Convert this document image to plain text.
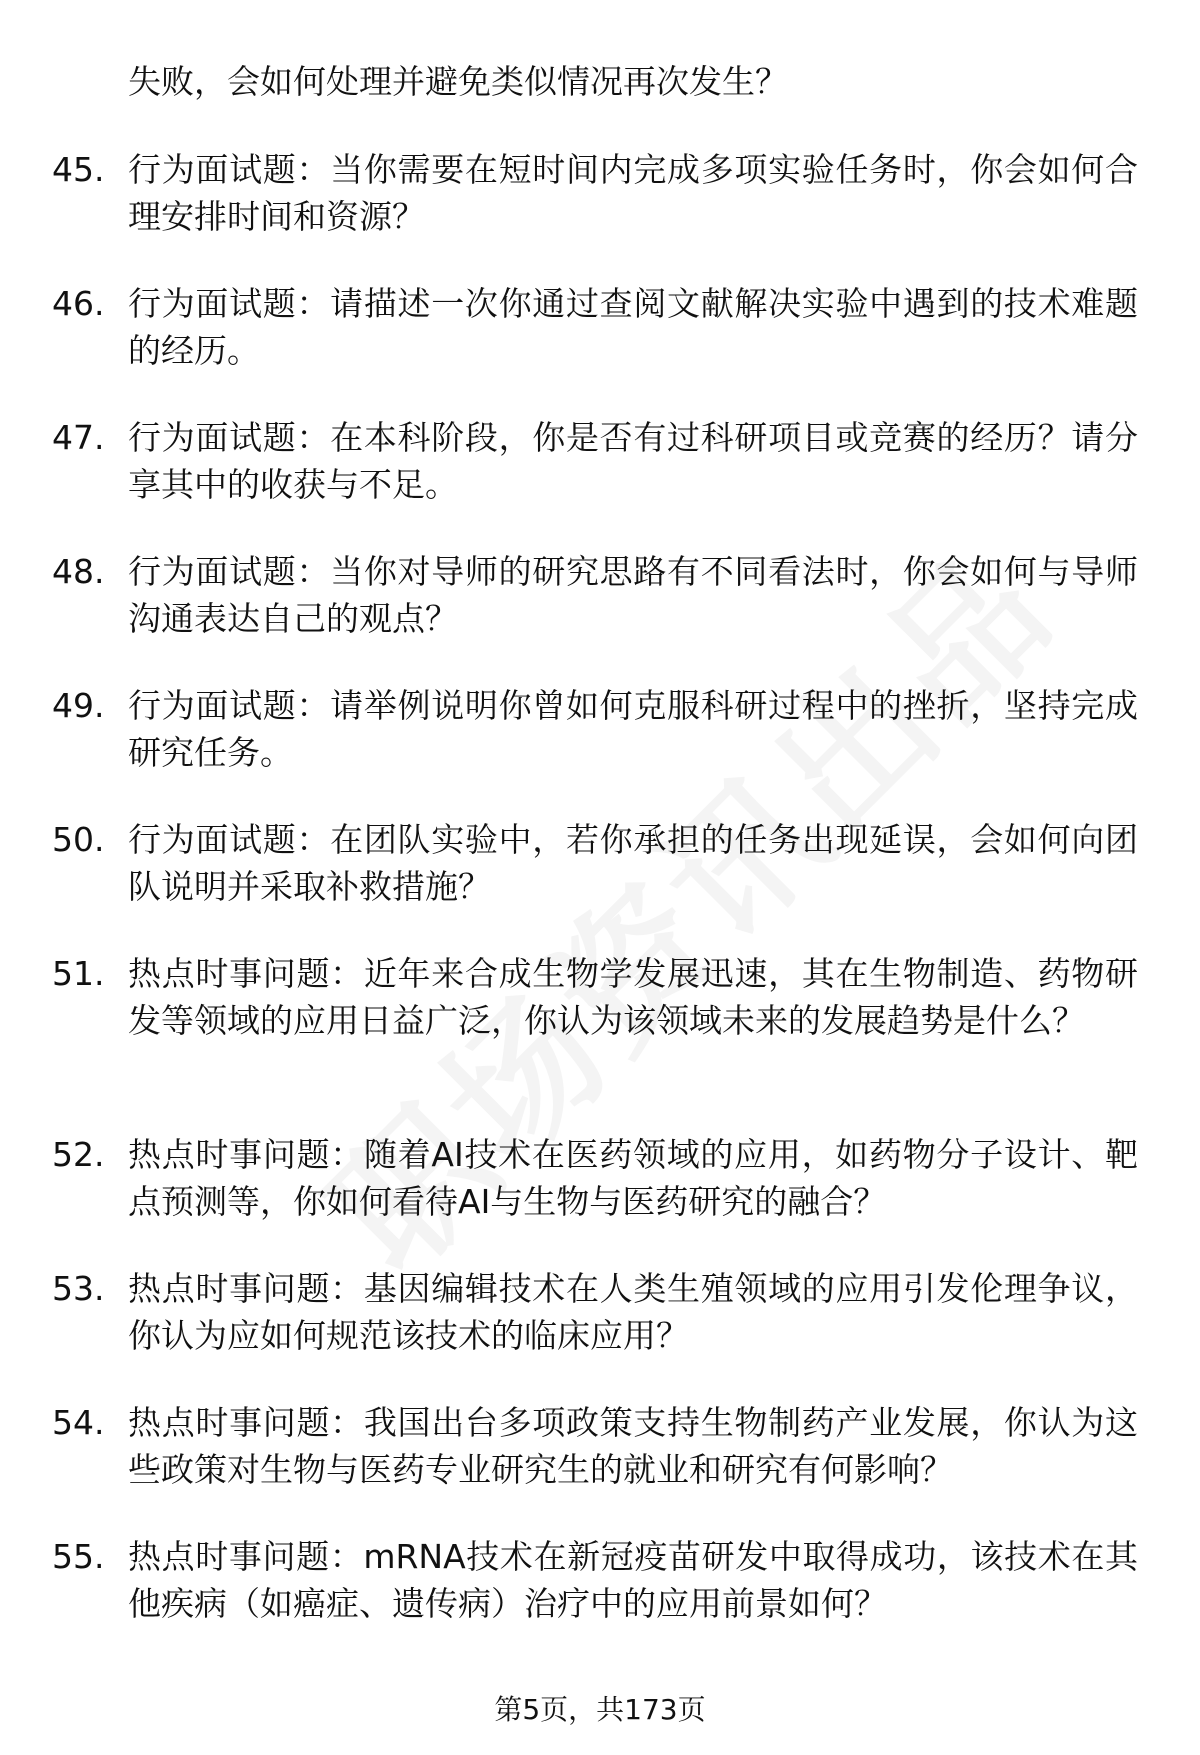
失败，会如何处理并避免类似情况再次发生？

45. 行为面试题：当你需要在短时间内完成多项实验任务时，你会如何合理安排时间和资源？
46. 行为面试题：请描述一次你通过查阅文献解决实验中遇到的技术难题的经历。
47. 行为面试题：在本科阶段，你是否有过科研项目或竞赛的经历？请分享其中的收获与不足。
48. 行为面试题：当你对导师的研究思路有不同看法时，你会如何与导师沟通表达自己的观点？
49. 行为面试题：请举例说明你曾如何克服科研过程中的挫折，坚持完成研究任务。
50. 行为面试题：在团队实验中，若你承担的任务出现延误，会如何向团队说明并采取补救措施？
51. 热点时事问题：近年来合成生物学发展迅速，其在生物制造、药物研发等领域的应用日益广泛，你认为该领域未来的发展趋势是什么？
52. 热点时事问题：随着AI技术在医药领域的应用，如药物分子设计、靶点预测等，你如何看待AI与生物与医药研究的融合？
53. 热点时事问题：基因编辑技术在人类生殖领域的应用引发伦理争议，你认为应如何规范该技术的临床应用？
54. 热点时事问题：我国出台多项政策支持生物制药产业发展，你认为这些政策对生物与医药专业研究生的就业和研究有何影响？
55. 热点时事问题：mRNA技术在新冠疫苗研发中取得成功，该技术在其他疾病（如癌症、遗传病）治疗中的应用前景如何？
第5页，共173页
